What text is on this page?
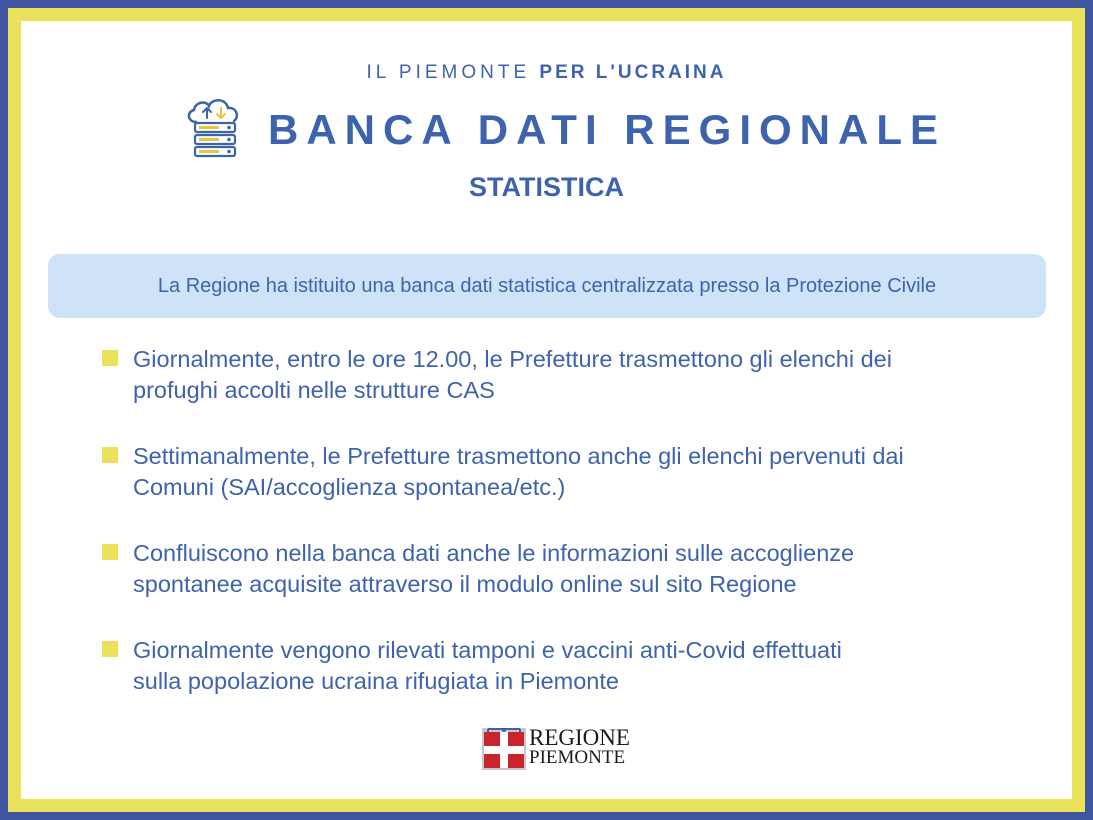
IL PIEMONTE PER L'UCRAINA
BANCA DATI REGIONALE
STATISTICA
La Regione ha istituito una banca dati statistica centralizzata presso la Protezione Civile
Giornalmente, entro le ore 12.00, le Prefetture trasmettono gli elenchi dei
profughi accolti nelle strutture CAS
Settimanalmente, le Prefetture trasmettono anche gli elenchi pervenuti dai
Comuni (SAI/accoglienza spontanea/etc.)
Confluiscono nella banca dati anche le informazioni sulle accoglienze
spontanee acquisite attraverso il modulo online sul sito Regione
Giornalmente vengono rilevati tamponi e vaccini anti-Covid effettuati
sulla popolazione ucraina rifugiata in Piemonte
REGIONE
PIEMONTE
